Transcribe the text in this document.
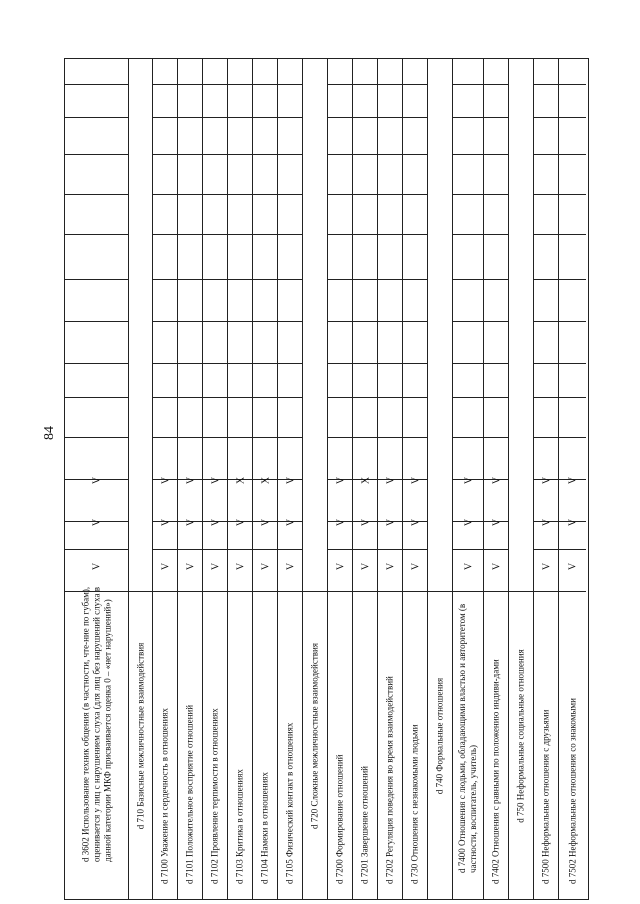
84
d 3602 Использование техник общения (в частности, чте-ние по губам), оценивается у лиц с нарушением слуха (для лиц без нарушений слуха в данной категории МКФ присваивается оценка 0 – «нет нарушений»)
V
V
V
d 710 Базисные межличностные взаимодействия d 7100 Уважение и сердечность в отношениях
V
V
V
d 7101 Положительное восприятие отношений
V
V
V
d 7102 Проявление терпимости в отношениях
V
V
V
d 7103 Критика в отношениях
X
V
V
d 7104 Намеки в отношениях
X
V
V
d 7105 Физический контакт в отношениях
V
V
V
d 720 Сложные межличностные взаимодействия d 7200 Формирование отношений
V
V
V
d 7201 Завершение отношений
X
V
V
d 7202 Регуляция поведения во время взаимодействий
V
V
V
d 730 Отношения с незнакомыми людьми
V
V
V
d 740 Формальные отношения d 7400 Отношения с людьми, обладающими властью и авторитетом (в частности, воспитатель, учитель)
V
V
V
d 7402 Отношения с равными по положению индиви-дами
V
V
V
d 750 Неформальные социальные отношения d 7500 Неформальные отношения с друзьями
V
V
V
d 7502 Неформальные отношения со знакомыми
V
V
V
